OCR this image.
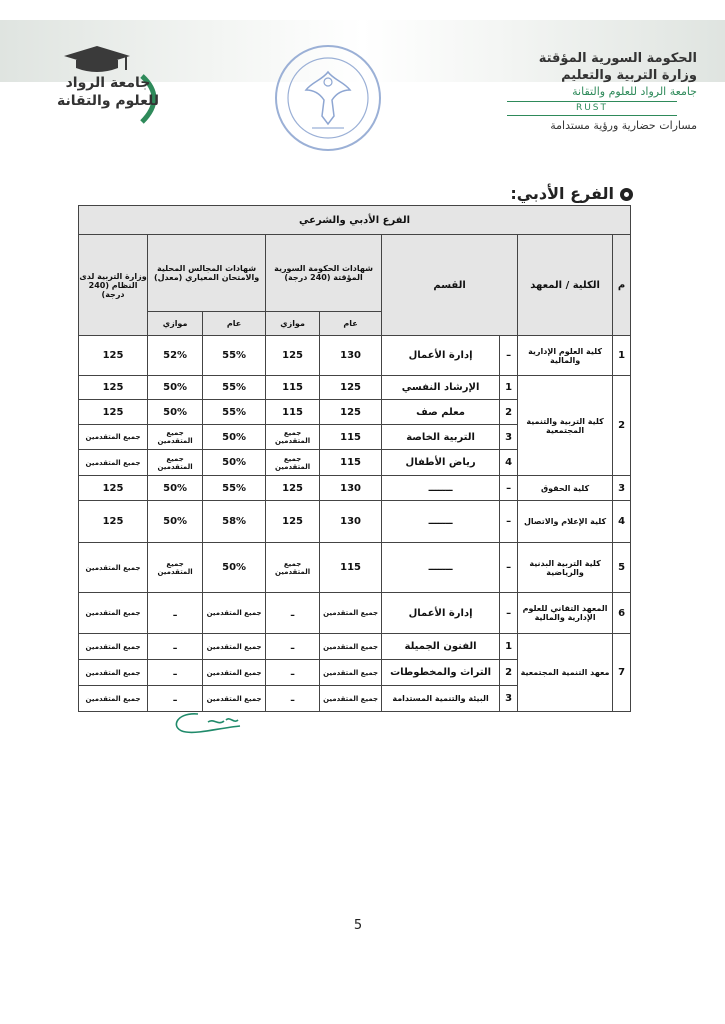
الحكومة السورية المؤقتة
وزارة التربية والتعليم
جامعة الرواد للعلوم والتقانة
RUST
مسارات حضارية ورؤية مستدامة
جامعة الرواد
للعلوم والتقانة
الفرع الأدبي:
الفرع الأدبي والشرعي								
م	الكلية / المعهد	القسم		شهادات الحكومة السورية المؤقتة (240 درجة)		شهادات المجالس المحلية والامتحان المعياري (معدل)		وزارة التربية لدى النظام (240 درجة)
				عام	موازي	عام	موازي	
1	كلية العلوم الإدارية والمالية	–	إدارة الأعمال	130	125	55%	52%	125
2	كلية التربية والتنمية المجتمعية	1	الإرشاد النفسي	125	115	55%	50%	125
		2	معلم صف	125	115	55%	50%	125
		3	التربية الخاصة	115	جميع المتقدمين	50%	جميع المتقدمين	جميع المتقدمين
		4	رياض الأطفال	115	جميع المتقدمين	50%	جميع المتقدمين	جميع المتقدمين
3	كلية الحقوق	–	ـــــــ	130	125	55%	50%	125
4	كلية الإعلام والاتصال	–	ـــــــ	130	125	58%	50%	125
5	كلية التربية البدنية والرياضية	–	ـــــــ	115	جميع المتقدمين	50%	جميع المتقدمين	جميع المتقدمين
6	المعهد التقاني للعلوم الإدارية والمالية	–	إدارة الأعمال	جميع المتقدمين	ـ	جميع المتقدمين	ـ	جميع المتقدمين
7	معهد التنمية المجتمعية	1	الفنون الجميلة	جميع المتقدمين	ـ	جميع المتقدمين	ـ	جميع المتقدمين
		2	التراث والمخطوطات	جميع المتقدمين	ـ	جميع المتقدمين	ـ	جميع المتقدمين
		3	البيئة والتنمية المستدامة	جميع المتقدمين	ـ	جميع المتقدمين	ـ	جميع المتقدمين
5
